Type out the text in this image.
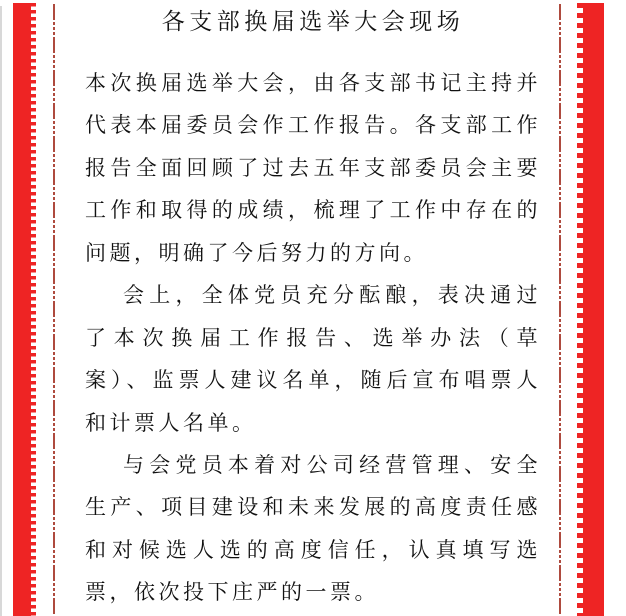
各支部换届选举大会现场
本次换届选举大会，由各支部书记主持并
代表本届委员会作工作报告。各支部工作
报告全面回顾了过去五年支部委员会主要
工作和取得的成绩，梳理了工作中存在的
问题，明确了今后努力的方向。
会上，全体党员充分酝酿，表决通过
了本次换届工作报告、选举办法（草
案）、监票人建议名单，随后宣布唱票人
和计票人名单。
与会党员本着对公司经营管理、安全
生产、项目建设和未来发展的高度责任感
和对候选人选的高度信任，认真填写选
票，依次投下庄严的一票。
